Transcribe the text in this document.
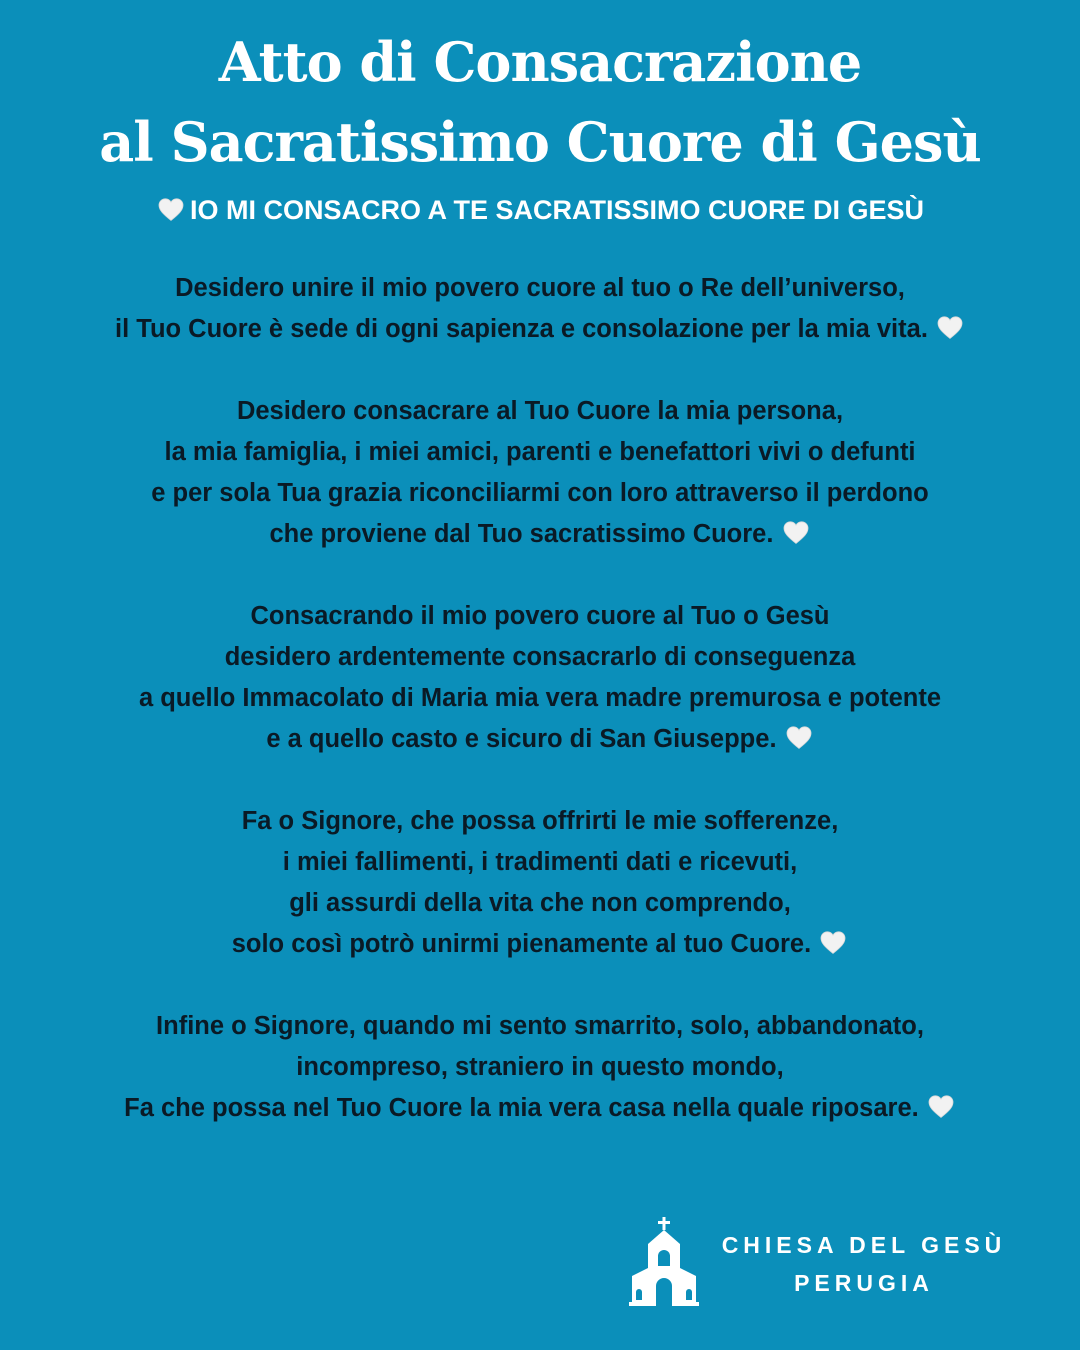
Atto di Consacrazione
al Sacratissimo Cuore di Gesù
IO MI CONSACRO A TE SACRATISSIMO CUORE DI GESÙ
Desidero unire il mio povero cuore al tuo o Re dell’universo,
il Tuo Cuore è sede di ogni sapienza e consolazione per la mia vita.
Desidero consacrare al Tuo Cuore la mia persona,
la mia famiglia, i miei amici, parenti e benefattori vivi o defunti
e per sola Tua grazia riconciliarmi con loro attraverso il perdono
che proviene dal Tuo sacratissimo Cuore.
Consacrando il mio povero cuore al Tuo o Gesù
desidero ardentemente consacrarlo di conseguenza
a quello Immacolato di Maria mia vera madre premurosa e potente
e a quello casto e sicuro di San Giuseppe.
Fa o Signore, che possa offrirti le mie sofferenze,
i miei fallimenti, i tradimenti dati e ricevuti,
gli assurdi della vita che non comprendo,
solo così potrò unirmi pienamente al tuo Cuore.
Infine o Signore, quando mi sento smarrito, solo, abbandonato,
incompreso, straniero in questo mondo,
Fa che possa nel Tuo Cuore la mia vera casa nella quale riposare.
CHIESA DEL GESÙ
PERUGIA
